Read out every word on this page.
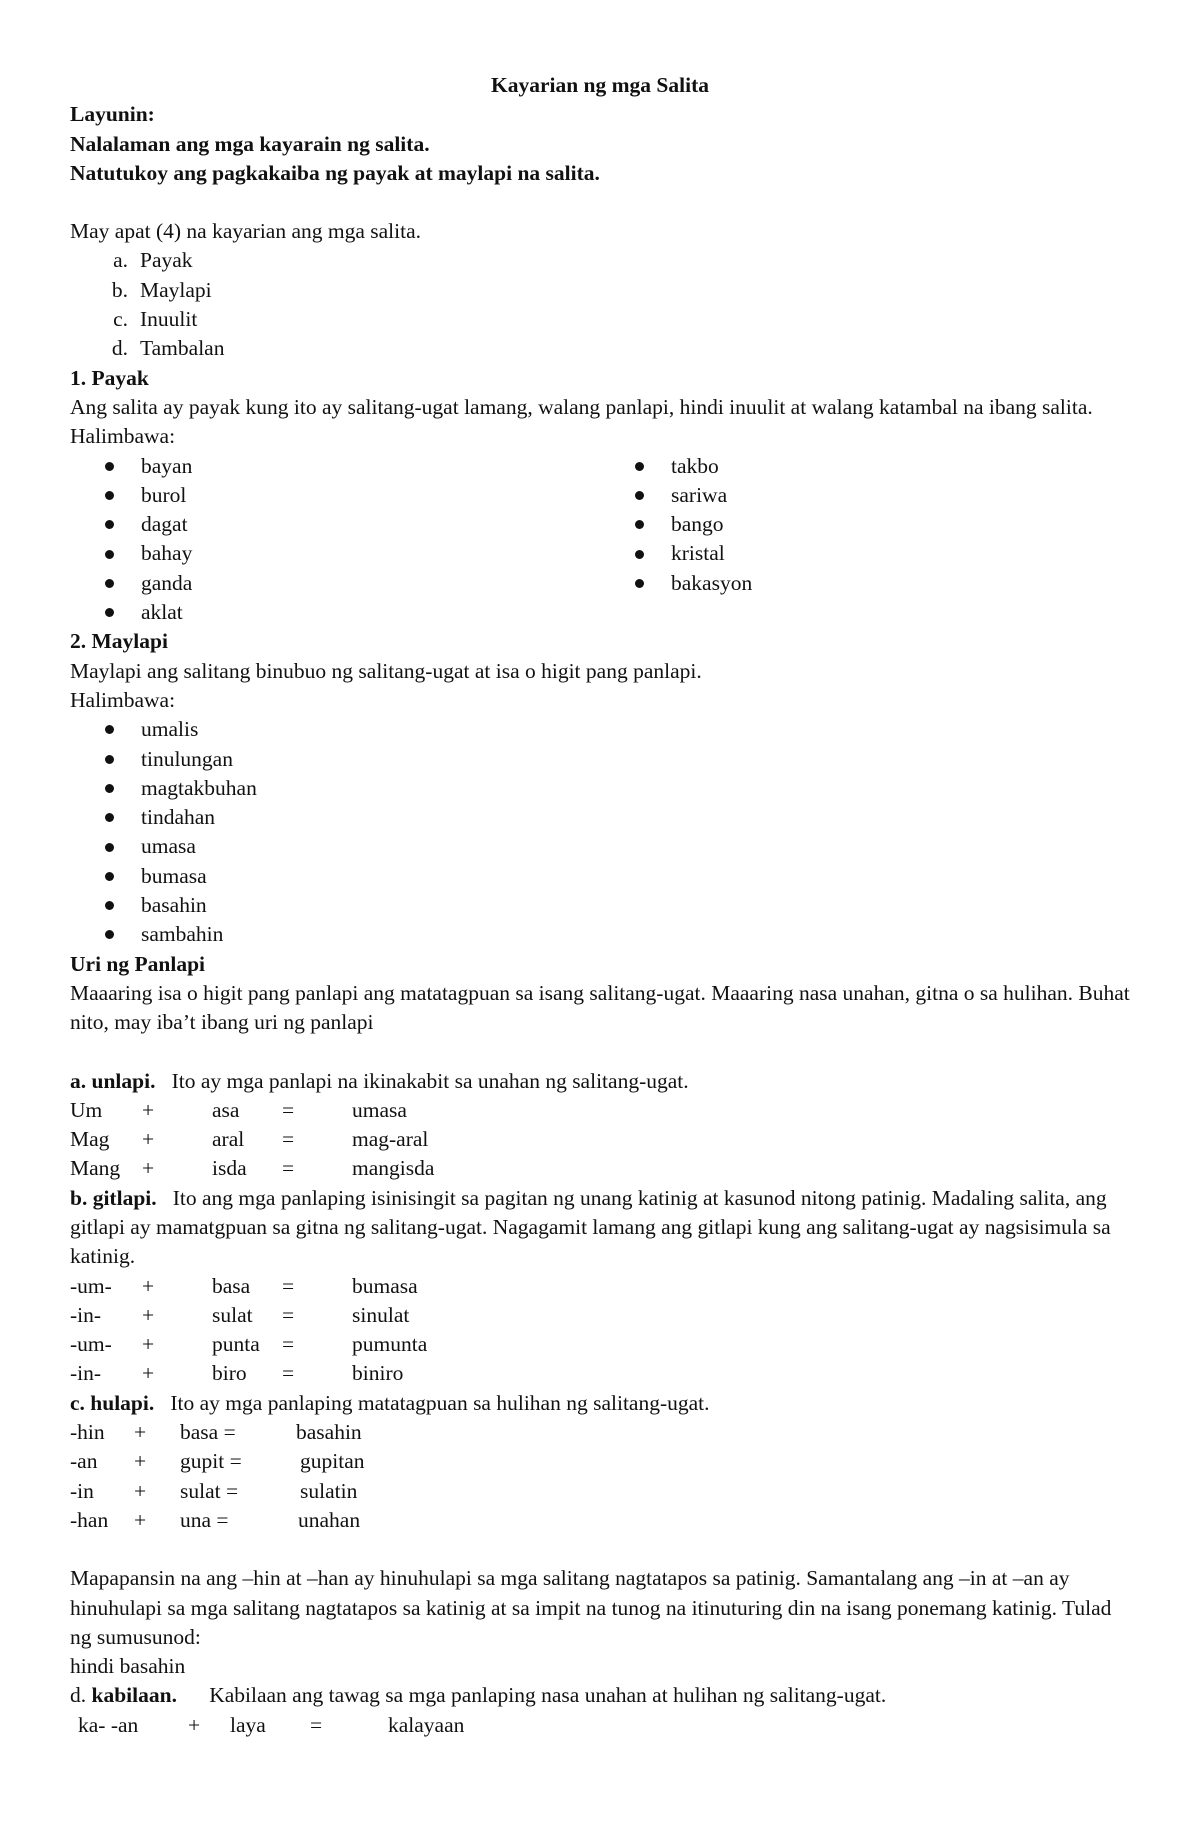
Kayarian ng mga Salita
Layunin:
Nalalaman ang mga kayarain ng salita.
Natutukoy ang pagkakaiba ng payak at maylapi na salita.
May apat (4) na kayarian ang mga salita.
a. Payak
b. Maylapi
c. Inuulit
d. Tambalan
1. Payak
Ang salita ay payak kung ito ay salitang-ugat lamang, walang panlapi, hindi inuulit at walang katambal na ibang salita.
Halimbawa:
bayan
burol
dagat
bahay
ganda
aklat
takbo
sariwa
bango
kristal
bakasyon
2. Maylapi
Maylapi ang salitang binubuo ng salitang-ugat at isa o higit pang panlapi.
Halimbawa:
umalis
tinulungan
magtakbuhan
tindahan
umasa
bumasa
basahin
sambahin
Uri ng Panlapi
Maaaring isa o higit pang panlapi ang matatagpuan sa isang salitang-ugat. Maaaring nasa unahan, gitna o sa hulihan. Buhat nito, may iba’t ibang uri ng panlapi
a. unlapi. Ito ay mga panlapi na ikinakabit sa unahan ng salitang-ugat.
Um	+	asa	=	umasa
Mag	+	aral	=	mag-aral
Mang	+	isda	=	mangisda
b. gitlapi. Ito ang mga panlaping isinisingit sa pagitan ng unang katinig at kasunod nitong patinig. Madaling salita, ang gitlapi ay mamatgpuan sa gitna ng salitang-ugat. Nagagamit lamang ang gitlapi kung ang salitang-ugat ay nagsisimula sa katinig.
-um-	+	basa	=	bumasa
-in-	+	sulat	=	sinulat
-um-	+	punta	=	pumunta
-in-	+	biro	=	biniro
c. hulapi. Ito ay mga panlaping matatagpuan sa hulihan ng salitang-ugat.
-hin	+	basa =	basahin
-an	+	gupit =	gupitan
-in	+	sulat =	sulatin
-han	+	una =	unahan
Mapapansin na ang –hin at –han ay hinuhulapi sa mga salitang nagtatapos sa patinig. Samantalang ang –in at –an ay hinuhulapi sa mga salitang nagtatapos sa katinig at sa impit na tunog na itinuturing din na isang ponemang katinig. Tulad ng sumusunod:
hindi basahin
d. kabilaan. Kabilaan ang tawag sa mga panlaping nasa unahan at hulihan ng salitang-ugat.
ka- -an	+	laya	=	kalayaan
